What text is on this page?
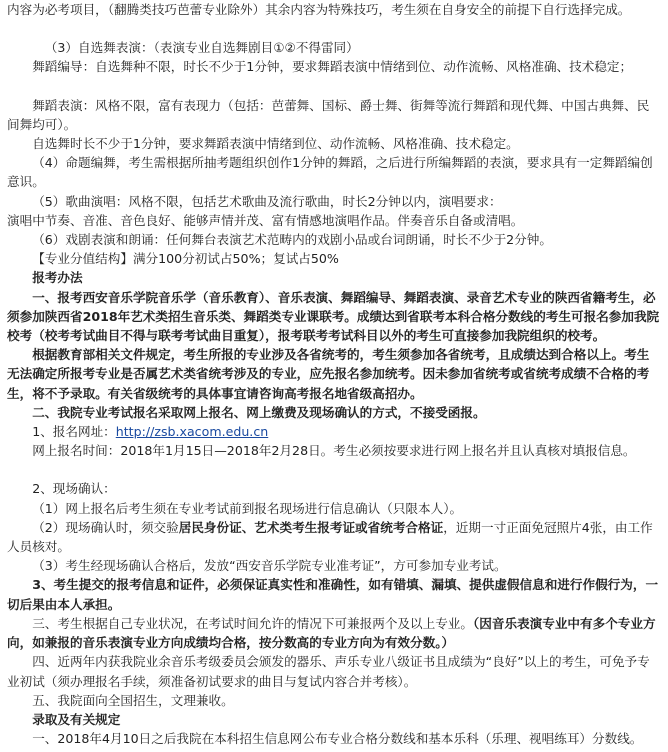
内容为必考项目，（翻腾类技巧芭蕾专业除外）其余内容为特殊技巧，考生须在自身安全的前提下自行选择完成。

（3）自选舞表演：（表演专业自选舞剧目①②不得雷同）

舞蹈编导：自选舞种不限，时长不少于1分钟，要求舞蹈表演中情绪到位、动作流畅、风格准确、技术稳定；

舞蹈表演：风格不限，富有表现力（包括：芭蕾舞、国标、爵士舞、街舞等流行舞蹈和现代舞、中国古典舞、民间舞均可）。

自选舞时长不少于1分钟，要求舞蹈表演中情绪到位、动作流畅、风格准确、技术稳定。

（4）命题编舞，考生需根据所抽考题组织创作1分钟的舞蹈，之后进行所编舞蹈的表演，要求具有一定舞蹈编创意识。

（5）歌曲演唱：风格不限，包括艺术歌曲及流行歌曲，时长2分钟以内，演唱要求：

演唱中节奏、音准、音色良好、能够声情并茂、富有情感地演唱作品。伴奏音乐自备或清唱。

（6）戏剧表演和朗诵：任何舞台表演艺术范畴内的戏剧小品或台词朗诵，时长不少于2分钟。

【专业分值结构】满分100分初试占50%；复试占50%

报考办法

一、报考西安音乐学院音乐学（音乐教育）、音乐表演、舞蹈编导、舞蹈表演、录音艺术专业的陕西省籍考生，必须参加陕西省2018年艺术类招生音乐类、舞蹈类专业课联考。成绩达到省联考本科合格分数线的考生可报名参加我院校考（校考考试曲目不得与联考考试曲目重复），报考联考考试科目以外的考生可直接参加我院组织的校考。

根据教育部相关文件规定，考生所报的专业涉及各省统考的，考生须参加各省统考，且成绩达到合格以上。考生无法确定所报考专业是否属艺术类省统考涉及的专业，应先报名参加统考。因未参加省统考或省统考成绩不合格的考生，将不予录取。有关省级统考的具体事宜请咨询高考报名地省级高招办。

二、我院专业考试报名采取网上报名、网上缴费及现场确认的方式，不接受函报。

1、报名网址：http://zsb.xacom.edu.cn

网上报名时间：2018年1月15日—2018年2月28日。考生必须按要求进行网上报名并且认真核对填报信息。

2、现场确认：

（1）网上报名后考生须在专业考试前到报名现场进行信息确认（只限本人）。

（2）现场确认时，须交验居民身份证、艺术类考生报考证或省统考合格证，近期一寸正面免冠照片4张，由工作人员核对。

（3）考生经现场确认合格后，发放“西安音乐学院专业准考证”，方可参加专业考试。

3、考生提交的报考信息和证件，必须保证真实性和准确性，如有错填、漏填、提供虚假信息和进行作假行为，一切后果由本人承担。

三、考生根据自己专业状况，在考试时间允许的情况下可兼报两个及以上专业。（因音乐表演专业中有多个专业方向，如兼报的音乐表演专业方向成绩均合格，按分数高的专业方向为有效分数。）

四、近两年内获我院业余音乐考级委员会颁发的器乐、声乐专业八级证书且成绩为“良好”以上的考生，可免予专业初试（须办理报名手续，须准备初试要求的曲目与复试内容合并考核）。

五、我院面向全国招生，文理兼收。

录取及有关规定

一、2018年4月10日之后我院在本科招生信息网公布专业合格分数线和基本乐科（乐理、视唱练耳）分数线。
